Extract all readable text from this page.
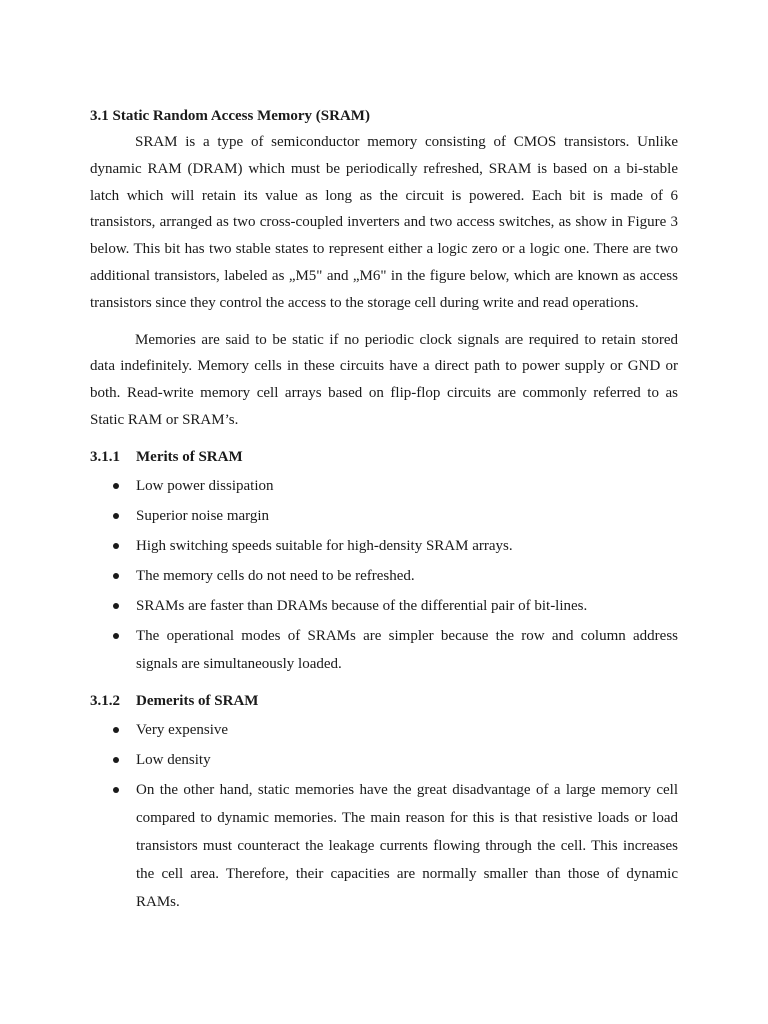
3.1 Static Random Access Memory (SRAM)

SRAM is a type of semiconductor memory consisting of CMOS transistors. Unlike dynamic RAM (DRAM) which must be periodically refreshed, SRAM is based on a bi-stable latch which will retain its value as long as the circuit is powered. Each bit is made of 6 transistors, arranged as two cross-coupled inverters and two access switches, as show in Figure 3 below. This bit has two stable states to represent either a logic zero or a logic one. There are two additional transistors, labeled as „M5" and „M6" in the figure below, which are known as access transistors since they control the access to the storage cell during write and read operations.

Memories are said to be static if no periodic clock signals are required to retain stored data indefinitely. Memory cells in these circuits have a direct path to power supply or GND or both. Read-write memory cell arrays based on flip-flop circuits are commonly referred to as Static RAM or SRAM’s.

3.1.1	Merits of SRAM
Low power dissipation
Superior noise margin
High switching speeds suitable for high-density SRAM arrays.
The memory cells do not need to be refreshed.
SRAMs are faster than DRAMs because of the differential pair of bit-lines.
The operational modes of SRAMs are simpler because the row and column address signals are simultaneously loaded.
3.1.2	Demerits of SRAM
Very expensive
Low density
On the other hand, static memories have the great disadvantage of a large memory cell compared to dynamic memories. The main reason for this is that resistive loads or load transistors must counteract the leakage currents flowing through the cell. This increases the cell area. Therefore, their capacities are normally smaller than those of dynamic RAMs.
